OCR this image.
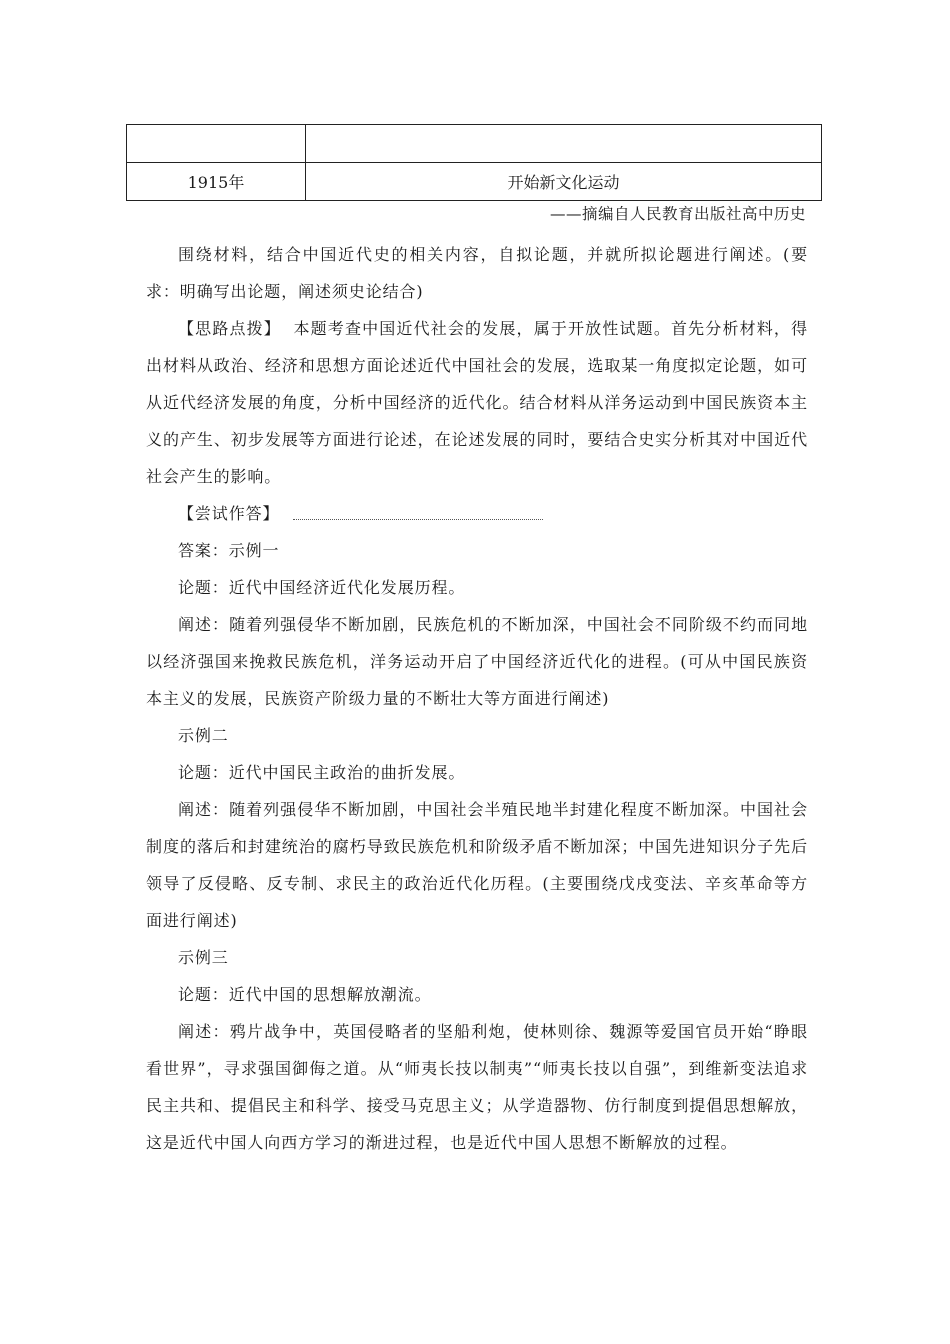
1915年	开始新文化运动
——摘编自人民教育出版社高中历史

围绕材料，结合中国近代史的相关内容，自拟论题，并就所拟论题进行阐述。(要求：明确写出论题，阐述须史论结合)

【思路点拨】 本题考查中国近代社会的发展，属于开放性试题。首先分析材料，得出材料从政治、经济和思想方面论述近代中国社会的发展，选取某一角度拟定论题，如可从近代经济发展的角度，分析中国经济的近代化。结合材料从洋务运动到中国民族资本主义的产生、初步发展等方面进行论述，在论述发展的同时，要结合史实分析其对中国近代社会产生的影响。

【尝试作答】

答案：示例一

论题：近代中国经济近代化发展历程。

阐述：随着列强侵华不断加剧，民族危机的不断加深，中国社会不同阶级不约而同地以经济强国来挽救民族危机，洋务运动开启了中国经济近代化的进程。(可从中国民族资本主义的发展，民族资产阶级力量的不断壮大等方面进行阐述)

示例二

论题：近代中国民主政治的曲折发展。

阐述：随着列强侵华不断加剧，中国社会半殖民地半封建化程度不断加深。中国社会制度的落后和封建统治的腐朽导致民族危机和阶级矛盾不断加深；中国先进知识分子先后领导了反侵略、反专制、求民主的政治近代化历程。(主要围绕戊戌变法、辛亥革命等方面进行阐述)

示例三

论题：近代中国的思想解放潮流。

阐述：鸦片战争中，英国侵略者的坚船利炮，使林则徐、魏源等爱国官员开始“睁眼看世界”，寻求强国御侮之道。从“师夷长技以制夷”“师夷长技以自强”，到维新变法追求民主共和、提倡民主和科学、接受马克思主义；从学造器物、仿行制度到提倡思想解放，这是近代中国人向西方学习的渐进过程，也是近代中国人思想不断解放的过程。
